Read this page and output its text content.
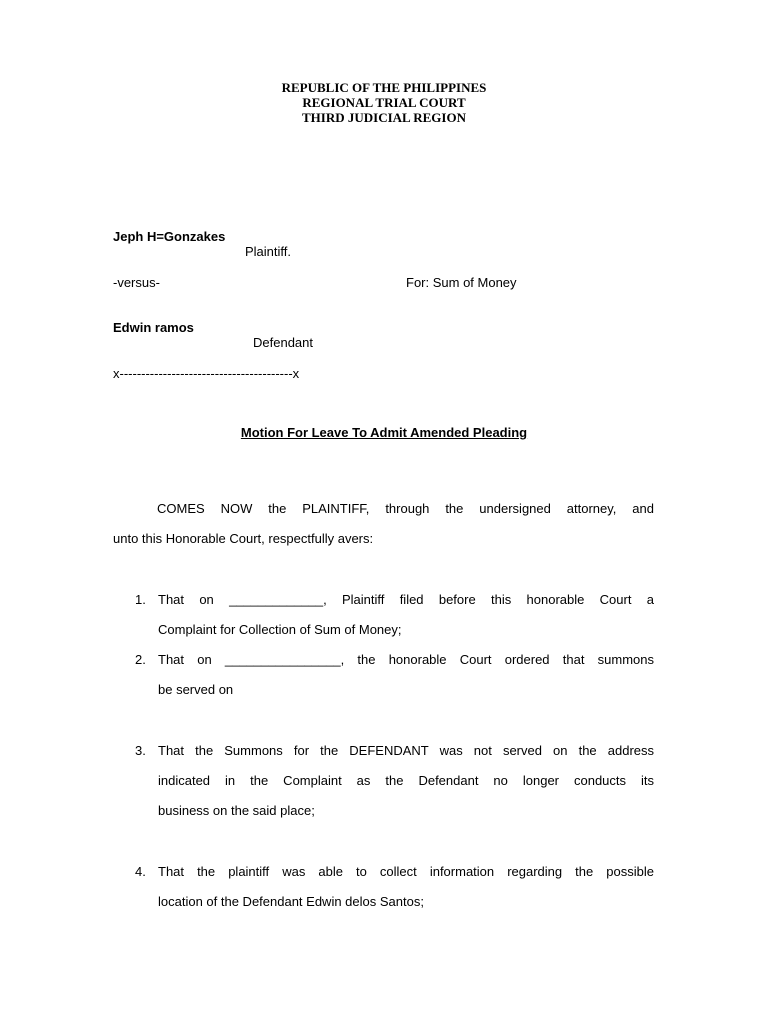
REPUBLIC OF THE PHILIPPINES
REGIONAL TRIAL COURT
THIRD JUDICIAL REGION
Jeph H=Gonzakes
Plaintiff.
-versus-	For: Sum of Money
Edwin ramos
Defendant
x----------------------------------------x
Motion For Leave To Admit Amended Pleading
COMES NOW the PLAINTIFF, through the undersigned attorney, and
unto this Honorable Court, respectfully avers:
1. That on _____________, Plaintiff filed before this honorable Court a
Complaint for Collection of Sum of Money;
2. That on ________________, the honorable Court ordered that summons
be served on
3. That the Summons for the DEFENDANT was not served on the address
indicated in the Complaint as the Defendant no longer conducts its
business on the said place;
4. That the plaintiff was able to collect information regarding the possible
location of the Defendant Edwin delos Santos;
